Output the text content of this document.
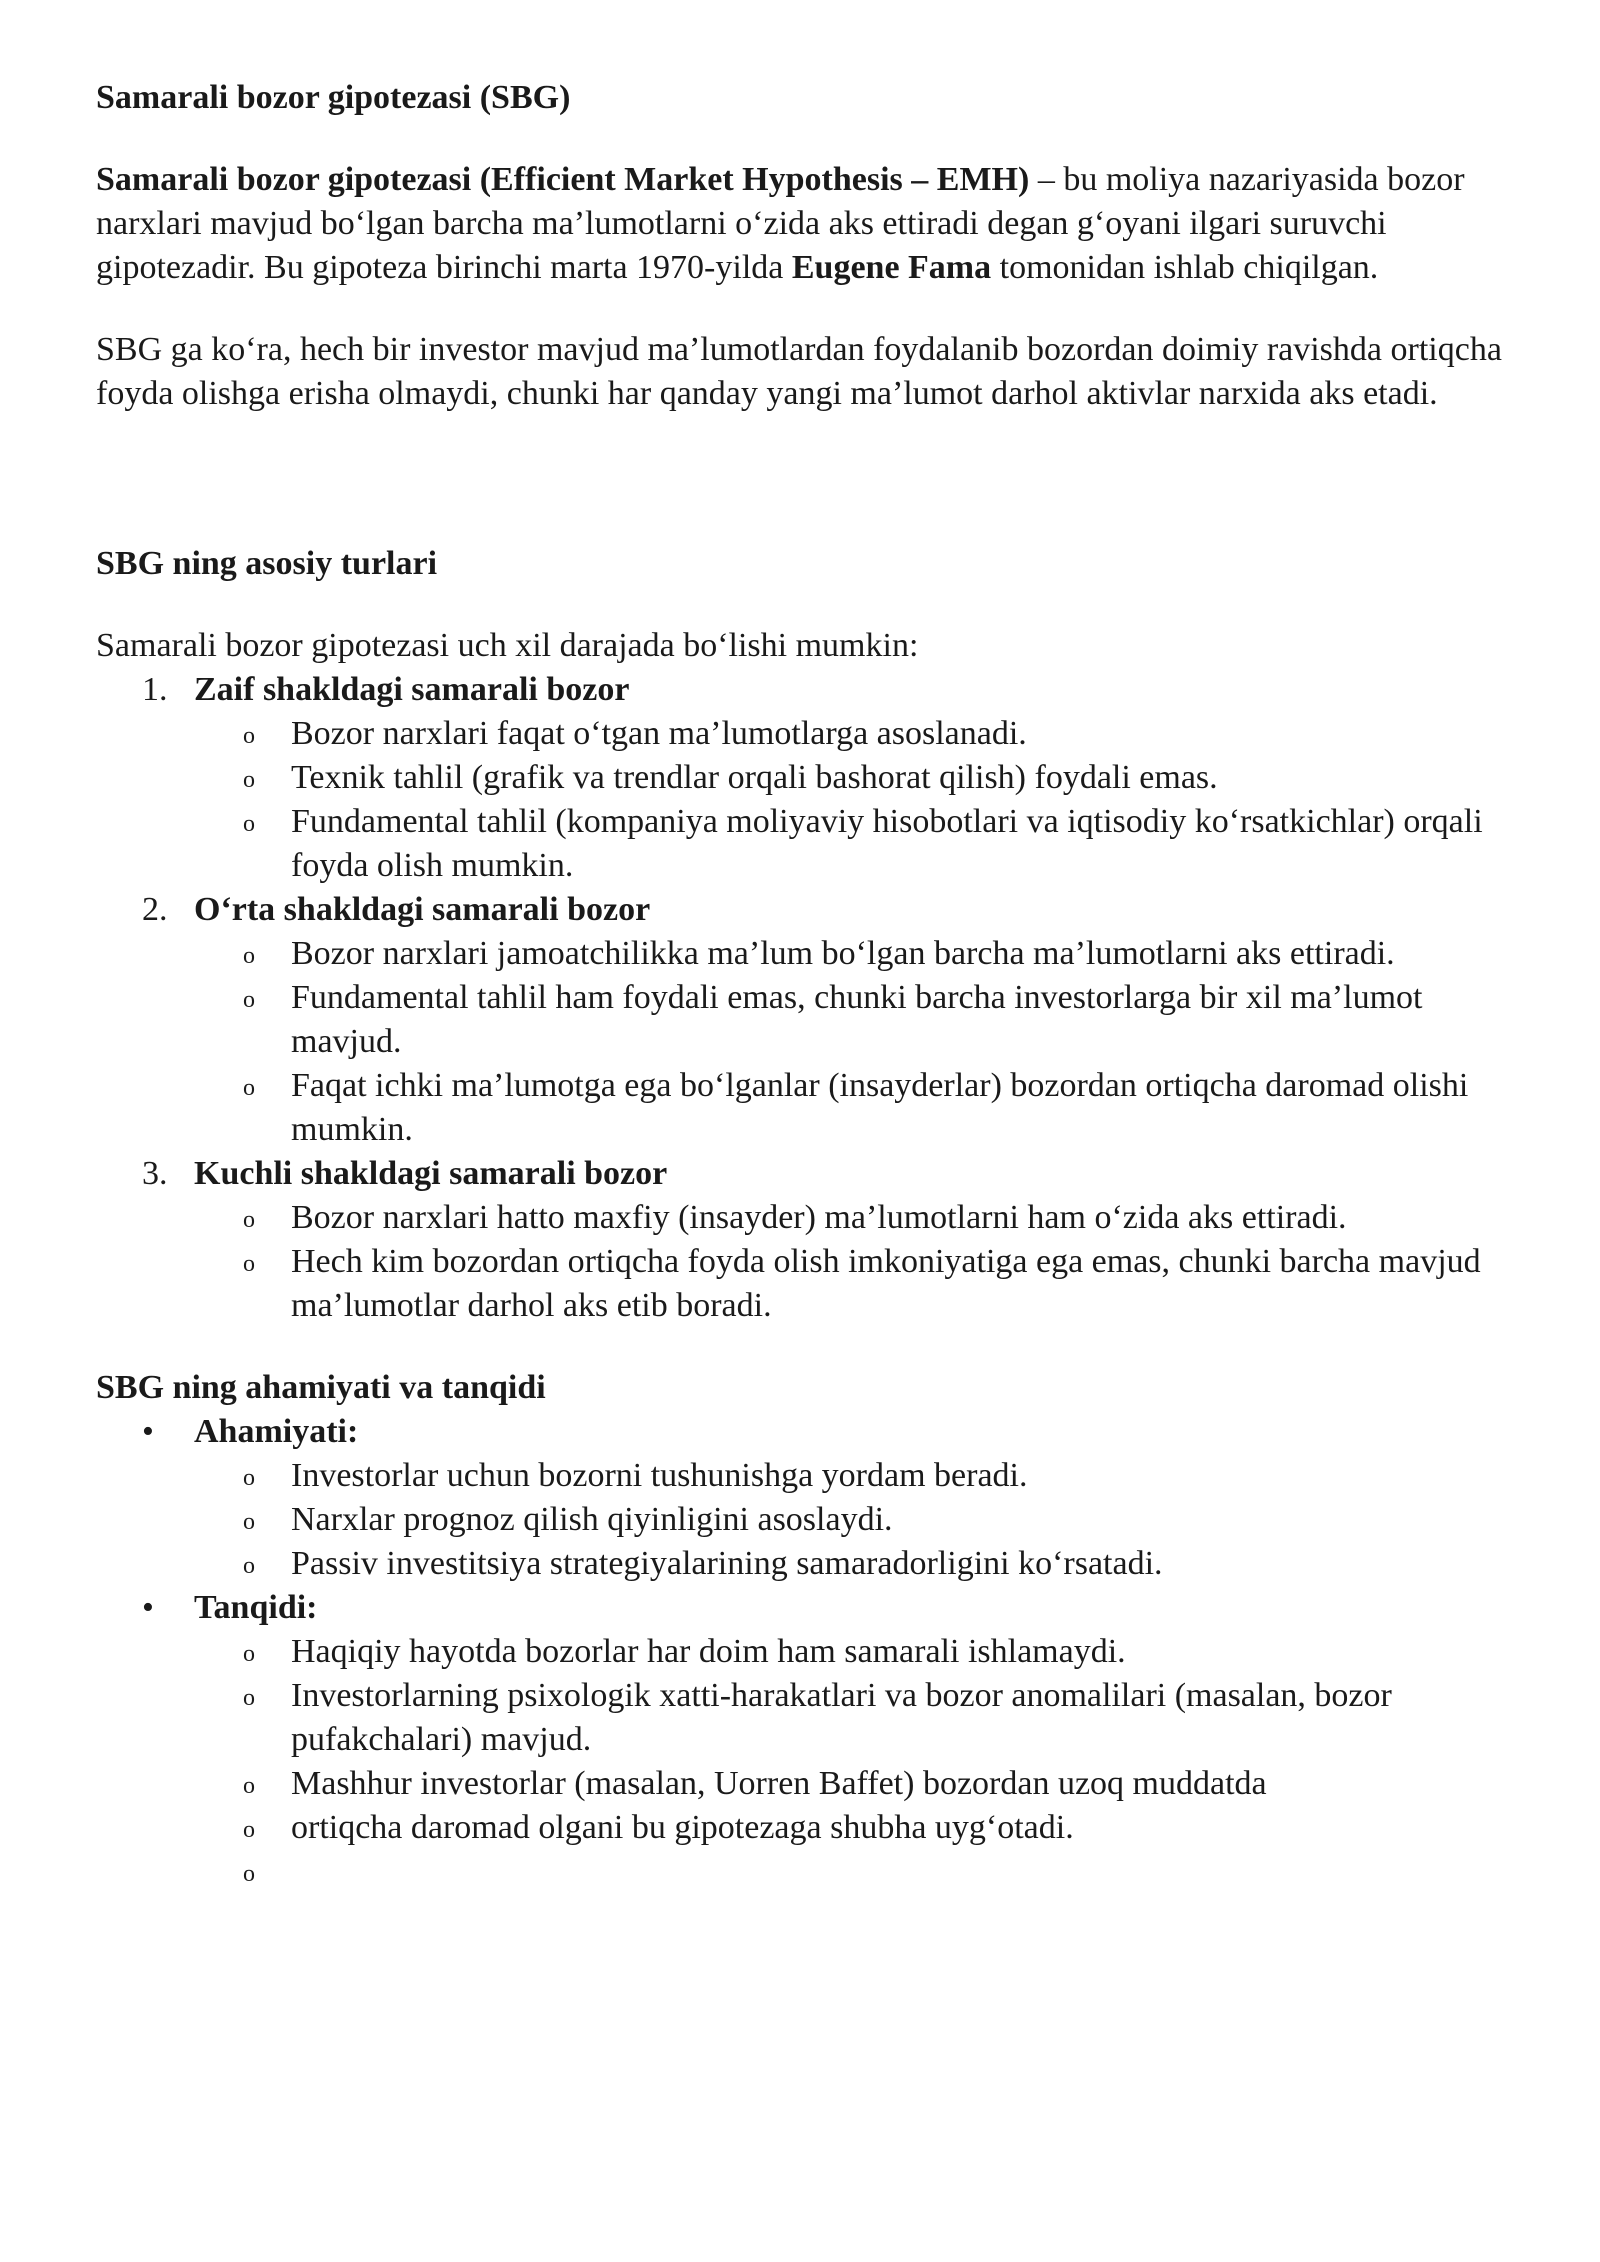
Samarali bozor gipotezasi (SBG)

Samarali bozor gipotezasi (Efficient Market Hypothesis – EMH) – bu moliya nazariyasida bozor narxlari mavjud bo‘lgan barcha ma’lumotlarni o‘zida aks ettiradi degan g‘oyani ilgari suruvchi gipotezadir. Bu gipoteza birinchi marta 1970-yilda Eugene Fama tomonidan ishlab chiqilgan.

SBG ga ko‘ra, hech bir investor mavjud ma’lumotlardan foydalanib bozordan doimiy ravishda ortiqcha foyda olishga erisha olmaydi, chunki har qanday yangi ma’lumot darhol aktivlar narxida aks etadi.

SBG ning asosiy turlari

Samarali bozor gipotezasi uch xil darajada bo‘lishi mumkin:

1. Zaif shakldagi samarali bozor
o Bozor narxlari faqat o‘tgan ma’lumotlarga asoslanadi.
o Texnik tahlil (grafik va trendlar orqali bashorat qilish) foydali emas.
o Fundamental tahlil (kompaniya moliyaviy hisobotlari va iqtisodiy ko‘rsatkichlar) orqali foyda olish mumkin.
2. O‘rta shakldagi samarali bozor
o Bozor narxlari jamoatchilikka ma’lum bo‘lgan barcha ma’lumotlarni aks ettiradi.
o Fundamental tahlil ham foydali emas, chunki barcha investorlarga bir xil ma’lumot mavjud.
o Faqat ichki ma’lumotga ega bo‘lganlar (insayderlar) bozordan ortiqcha daromad olishi mumkin.
3. Kuchli shakldagi samarali bozor
o Bozor narxlari hatto maxfiy (insayder) ma’lumotlarni ham o‘zida aks ettiradi.
o Hech kim bozordan ortiqcha foyda olish imkoniyatiga ega emas, chunki barcha mavjud ma’lumotlar darhol aks etib boradi.

SBG ning ahamiyati va tanqidi

• Ahamiyati:
o Investorlar uchun bozorni tushunishga yordam beradi.
o Narxlar prognoz qilish qiyinligini asoslaydi.
o Passiv investitsiya strategiyalarining samaradorligini ko‘rsatadi.
• Tanqidi:
o Haqiqiy hayotda bozorlar har doim ham samarali ishlamaydi.
o Investorlarning psixologik xatti-harakatlari va bozor anomalilari (masalan, bozor pufakchalari) mavjud.
o Mashhur investorlar (masalan, Uorren Baffet) bozordan uzoq muddatda
o ortiqcha daromad olgani bu gipotezaga shubha uyg‘otadi.
o
